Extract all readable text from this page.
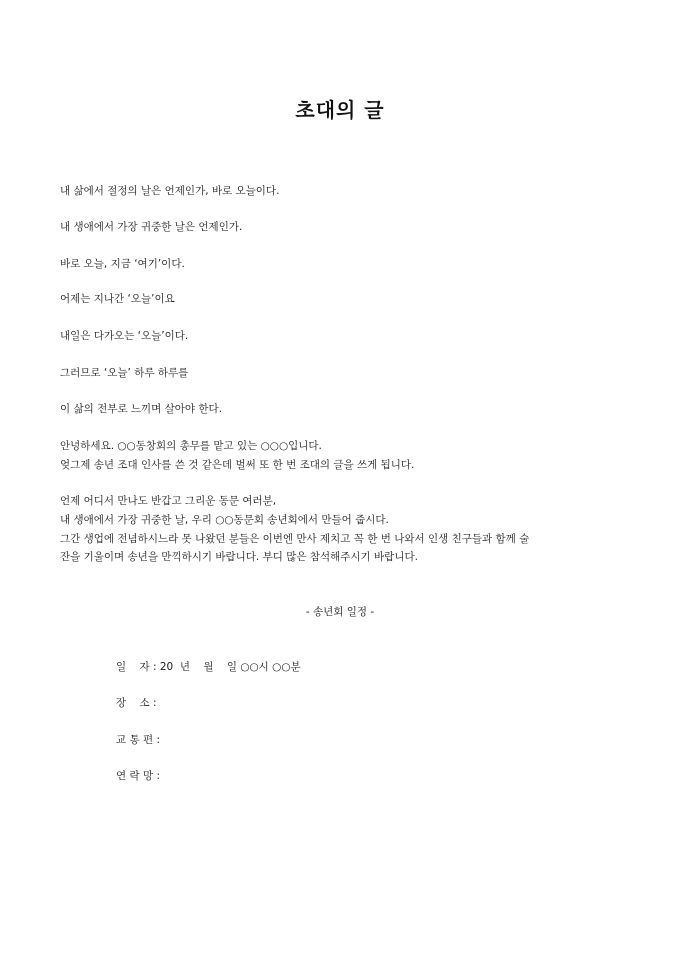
초대의 글
내 삶에서 절정의 날은 언제인가, 바로 오늘이다.
내 생애에서 가장 귀중한 날은 언제인가.
바로 오늘, 지금 ‘여기’이다.
어제는 지나간 ‘오늘’이요
내일은 다가오는 ‘오늘’이다.
그러므로 ‘오늘’ 하루 하루를
이 삶의 전부로 느끼며 살아야 한다.
안녕하세요. ○○동창회의 총무를 맡고 있는 ○○○입니다.
엊그제 송년 조대 인사를 쓴 것 같은데 벌써 또 한 번 조대의 글을 쓰게 됩니다.
언제 어디서 만나도 반갑고 그리운 동문 여러분,
내 생애에서 가장 귀중한 날, 우리 ○○동문회 송년회에서 만들어 줍시다.
그간 생업에 전념하시느라 못 나왔던 분들은 이번엔 만사 제치고 꼭 한 번 나와서 인생 친구들과 함께 술
잔을 기울이며 송년을 만끽하시기 바랍니다. 부디 많은 참석해주시기 바랍니다.
- 송년회 일정 -
일    자 : 20  년    월    일 ○○시 ○○분
장    소 :
교 통 편 :
연 락 망 :
